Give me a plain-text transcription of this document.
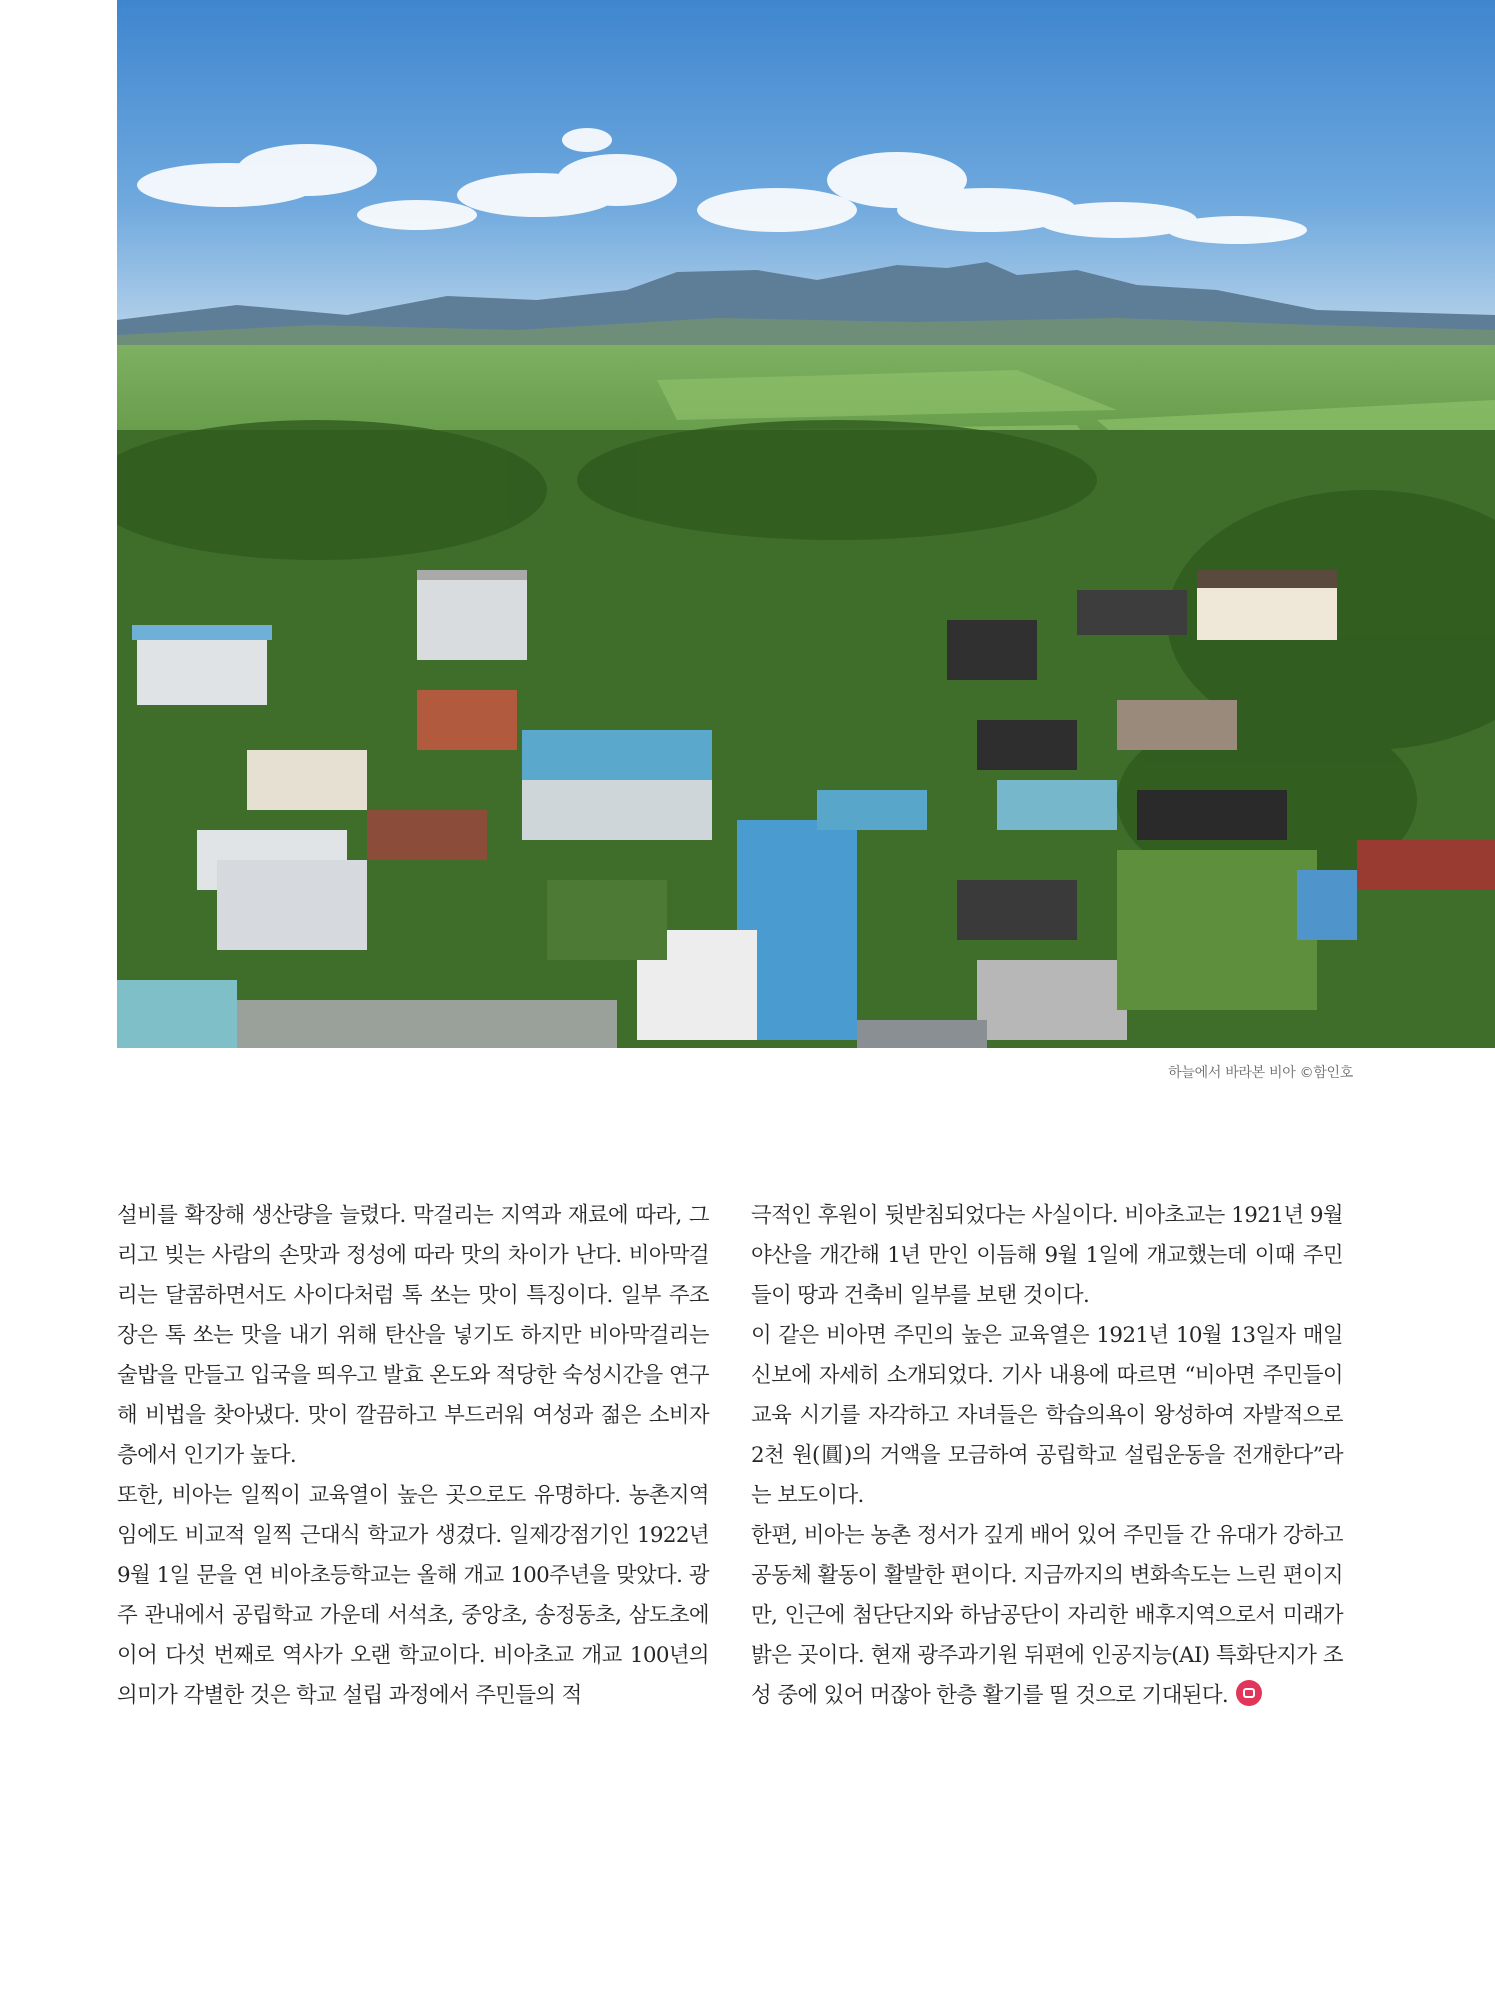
하늘에서 바라본 비아 ©함인호

설비를 확장해 생산량을 늘렸다. 막걸리는 지역과 재료에 따라, 그리고 빚는 사람의 손맛과 정성에 따라 맛의 차이가 난다. 비아막걸리는 달콤하면서도 사이다처럼 톡 쏘는 맛이 특징이다. 일부 주조장은 톡 쏘는 맛을 내기 위해 탄산을 넣기도 하지만 비아막걸리는 술밥을 만들고 입국을 띄우고 발효 온도와 적당한 숙성시간을 연구해 비법을 찾아냈다. 맛이 깔끔하고 부드러워 여성과 젊은 소비자층에서 인기가 높다.

또한, 비아는 일찍이 교육열이 높은 곳으로도 유명하다. 농촌지역임에도 비교적 일찍 근대식 학교가 생겼다. 일제강점기인 1922년 9월 1일 문을 연 비아초등학교는 올해 개교 100주년을 맞았다. 광주 관내에서 공립학교 가운데 서석초, 중앙초, 송정동초, 삼도초에 이어 다섯 번째로 역사가 오랜 학교이다. 비아초교 개교 100년의 의미가 각별한 것은 학교 설립 과정에서 주민들의 적

극적인 후원이 뒷받침되었다는 사실이다. 비아초교는 1921년 9월 야산을 개간해 1년 만인 이듬해 9월 1일에 개교했는데 이때 주민들이 땅과 건축비 일부를 보탠 것이다.

이 같은 비아면 주민의 높은 교육열은 1921년 10월 13일자 매일신보에 자세히 소개되었다. 기사 내용에 따르면 “비아면 주민들이 교육 시기를 자각하고 자녀들은 학습의욕이 왕성하여 자발적으로 2천 원(圓)의 거액을 모금하여 공립학교 설립운동을 전개한다”라는 보도이다.

한편, 비아는 농촌 정서가 깊게 배어 있어 주민들 간 유대가 강하고 공동체 활동이 활발한 편이다. 지금까지의 변화속도는 느린 편이지만, 인근에 첨단단지와 하남공단이 자리한 배후지역으로서 미래가 밝은 곳이다. 현재 광주과기원 뒤편에 인공지능(AI) 특화단지가 조성 중에 있어 머잖아 한층 활기를 띨 것으로 기대된다.
